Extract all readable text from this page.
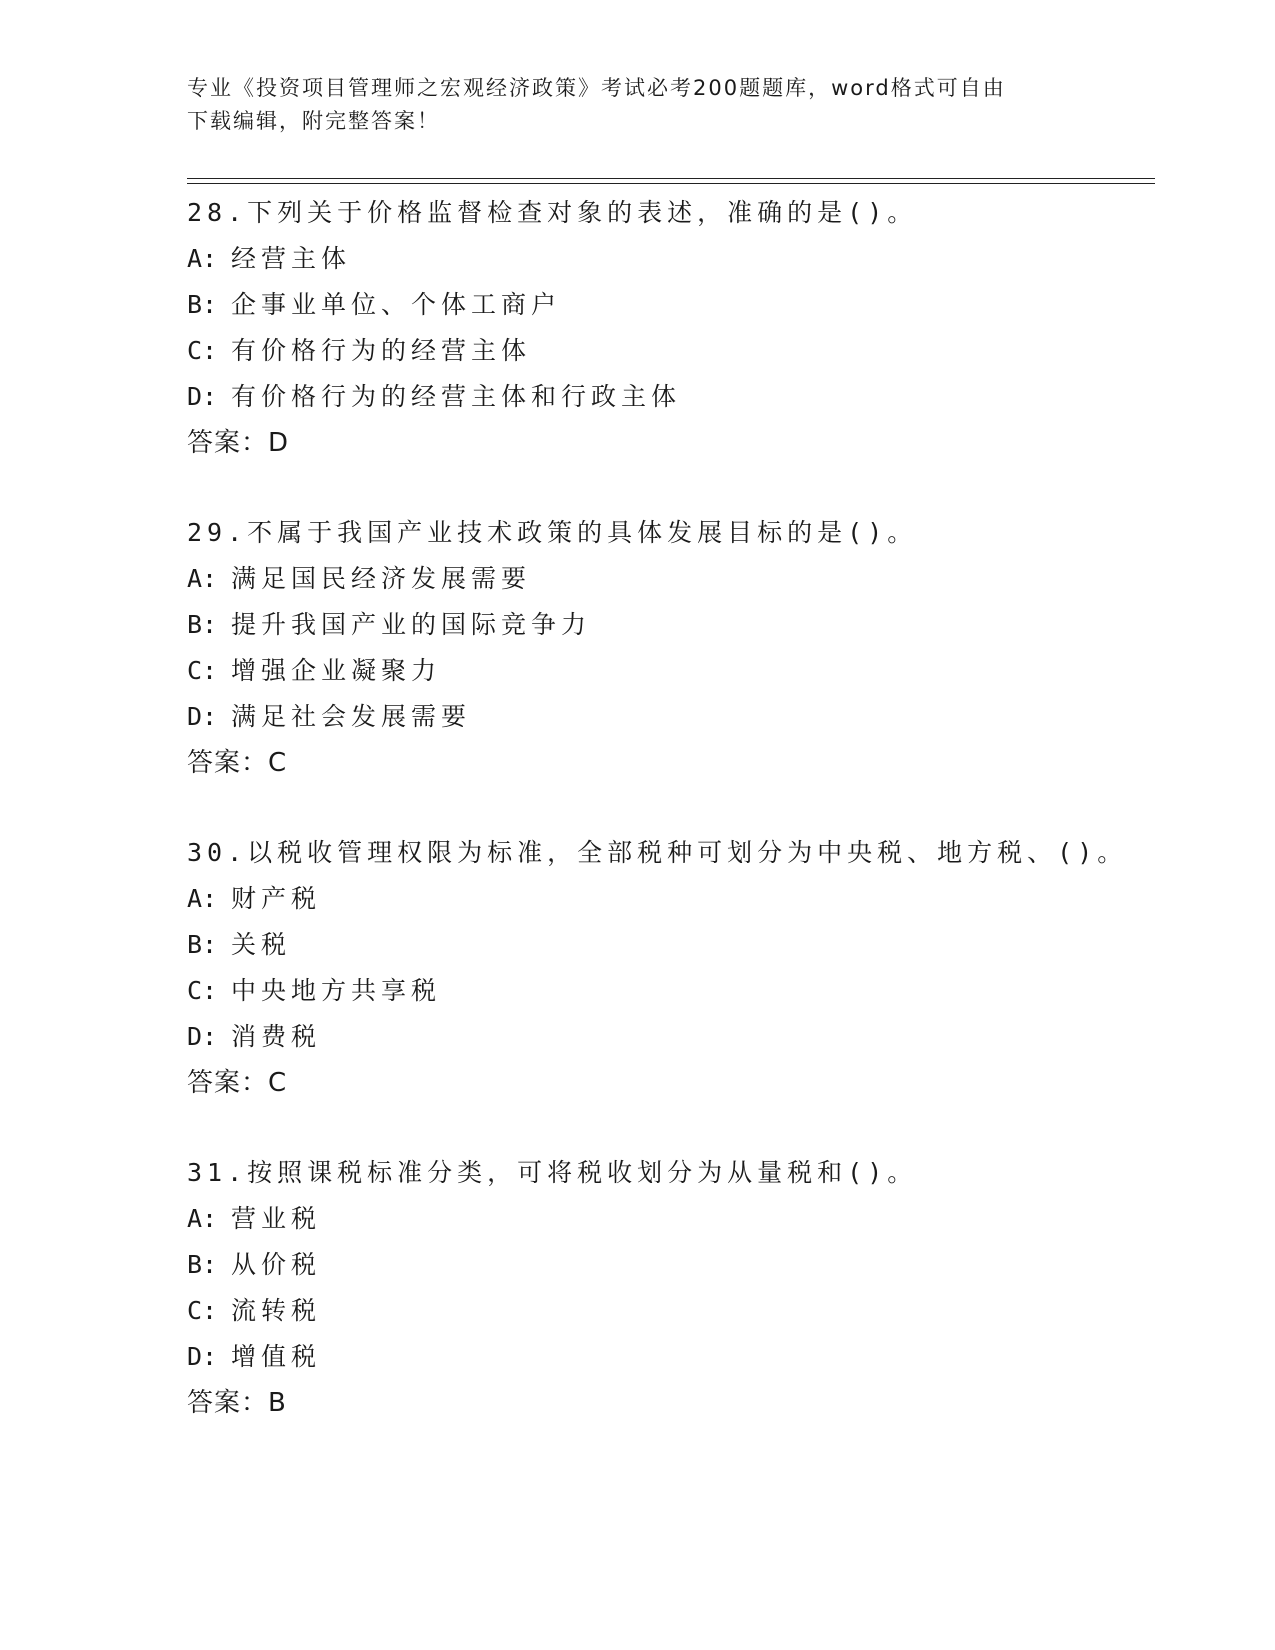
专业《投资项目管理师之宏观经济政策》考试必考200题题库，word格式可自由
下载编辑，附完整答案！
28.下列关于价格监督检查对象的表述，准确的是()。
A: 经营主体
B: 企事业单位、个体工商户
C: 有价格行为的经营主体
D: 有价格行为的经营主体和行政主体
答案：D
29.不属于我国产业技术政策的具体发展目标的是()。
A: 满足国民经济发展需要
B: 提升我国产业的国际竞争力
C: 增强企业凝聚力
D: 满足社会发展需要
答案：C
30.以税收管理权限为标准，全部税种可划分为中央税、地方税、()。
A: 财产税
B: 关税
C: 中央地方共享税
D: 消费税
答案：C
31.按照课税标准分类，可将税收划分为从量税和()。
A: 营业税
B: 从价税
C: 流转税
D: 增值税
答案：B
